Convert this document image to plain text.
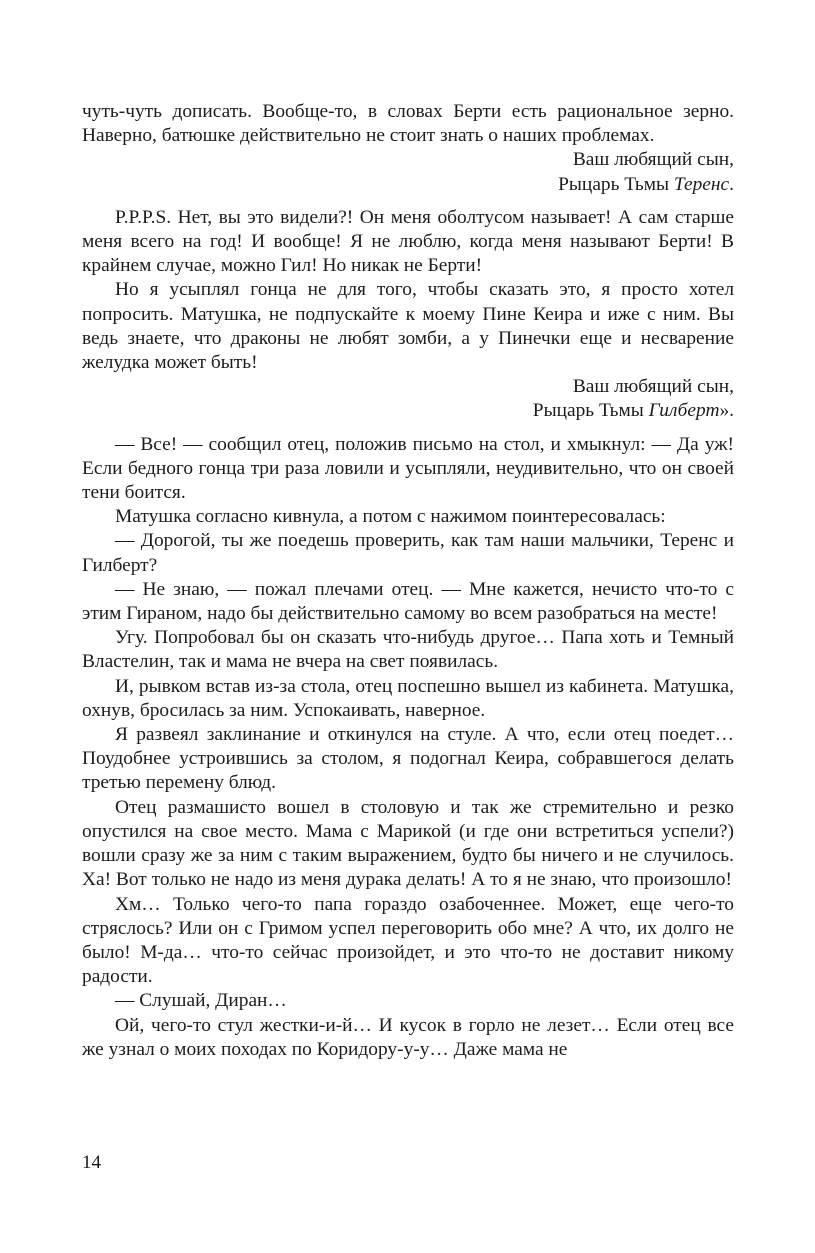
чуть-чуть дописать. Вообще-то, в словах Берти есть рациональное зерно. Наверно, батюшке действительно не стоит знать о наших проблемах.

Ваш любящий сын,

Рыцарь Тьмы Теренс.

P.P.P.S. Нет, вы это видели?! Он меня оболтусом называет! А сам старше меня всего на год! И вообще! Я не люблю, когда меня называют Берти! В крайнем случае, можно Гил! Но никак не Берти!

Но я усыплял гонца не для того, чтобы сказать это, я просто хотел попросить. Матушка, не подпускайте к моему Пине Кеира и иже с ним. Вы ведь знаете, что драконы не любят зомби, а у Пинечки еще и несварение желудка может быть!

Ваш любящий сын,

Рыцарь Тьмы Гилберт».

— Все! — сообщил отец, положив письмо на стол, и хмыкнул: — Да уж! Если бедного гонца три раза ловили и усыпляли, неудивительно, что он своей тени боится.

Матушка согласно кивнула, а потом с нажимом поинтересовалась:

— Дорогой, ты же поедешь проверить, как там наши мальчики, Теренс и Гилберт?

— Не знаю, — пожал плечами отец. — Мне кажется, нечисто что-то с этим Гираном, надо бы действительно самому во всем разобраться на месте!

Угу. Попробовал бы он сказать что-нибудь другое… Папа хоть и Темный Властелин, так и мама не вчера на свет появилась.

И, рывком встав из-за стола, отец поспешно вышел из кабинета. Матушка, охнув, бросилась за ним. Успокаивать, наверное.

Я развеял заклинание и откинулся на стуле. А что, если отец поедет… Поудобнее устроившись за столом, я подогнал Кеира, собравшегося делать третью перемену блюд.

Отец размашисто вошел в столовую и так же стремительно и резко опустился на свое место. Мама с Марикой (и где они встретиться успели?) вошли сразу же за ним с таким выражением, будто бы ничего и не случилось. Ха! Вот только не надо из меня дурака делать! А то я не знаю, что произошло!

Хм… Только чего-то папа гораздо озабоченнее. Может, еще чего-то стряслось? Или он с Гримом успел переговорить обо мне? А что, их долго не было! М-да… что-то сейчас произойдет, и это что-то не доставит никому радости.

— Слушай, Диран…

Ой, чего-то стул жестки-и-й… И кусок в горло не лезет… Если отец все же узнал о моих походах по Коридору-у-у… Даже мама не

14
